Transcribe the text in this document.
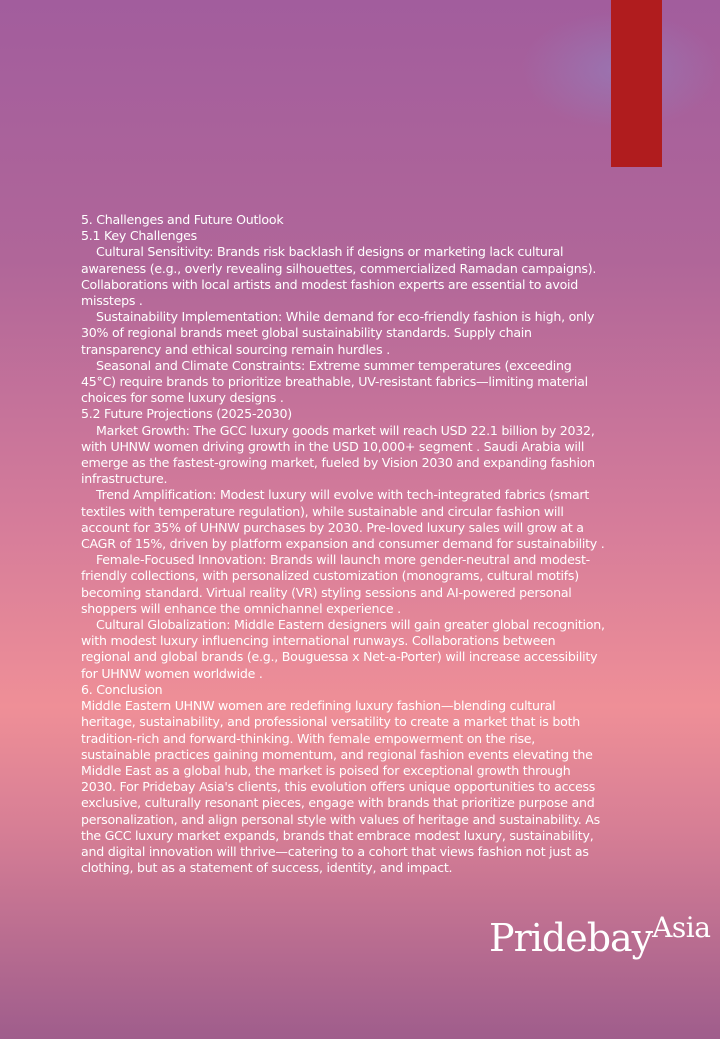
5. Challenges and Future Outlook

5.1 Key Challenges

Cultural Sensitivity: Brands risk backlash if designs or marketing lack cultural awareness (e.g., overly revealing silhouettes, commercialized Ramadan campaigns). Collaborations with local artists and modest fashion experts are essential to avoid missteps .

Sustainability Implementation: While demand for eco-friendly fashion is high, only 30% of regional brands meet global sustainability standards. Supply chain transparency and ethical sourcing remain hurdles .

Seasonal and Climate Constraints: Extreme summer temperatures (exceeding 45°C) require brands to prioritize breathable, UV-resistant fabrics—limiting material choices for some luxury designs .

5.2 Future Projections (2025-2030)

Market Growth: The GCC luxury goods market will reach USD 22.1 billion by 2032, with UHNW women driving growth in the USD 10,000+ segment . Saudi Arabia will emerge as the fastest-growing market, fueled by Vision 2030 and expanding fashion infrastructure.

Trend Amplification: Modest luxury will evolve with tech-integrated fabrics (smart textiles with temperature regulation), while sustainable and circular fashion will account for 35% of UHNW purchases by 2030. Pre-loved luxury sales will grow at a CAGR of 15%, driven by platform expansion and consumer demand for sustainability .

Female-Focused Innovation: Brands will launch more gender-neutral and modest-friendly collections, with personalized customization (monograms, cultural motifs) becoming standard. Virtual reality (VR) styling sessions and AI-powered personal shoppers will enhance the omnichannel experience .

Cultural Globalization: Middle Eastern designers will gain greater global recognition, with modest luxury influencing international runways. Collaborations between regional and global brands (e.g., Bouguessa x Net-a-Porter) will increase accessibility for UHNW women worldwide .

6. Conclusion

Middle Eastern UHNW women are redefining luxury fashion—blending cultural heritage, sustainability, and professional versatility to create a market that is both tradition-rich and forward-thinking. With female empowerment on the rise, sustainable practices gaining momentum, and regional fashion events elevating the Middle East as a global hub, the market is poised for exceptional growth through 2030. For Pridebay Asia's clients, this evolution offers unique opportunities to access exclusive, culturally resonant pieces, engage with brands that prioritize purpose and personalization, and align personal style with values of heritage and sustainability. As the GCC luxury market expands, brands that embrace modest luxury, sustainability, and digital innovation will thrive—catering to a cohort that views fashion not just as clothing, but as a statement of success, identity, and impact.

PridebayAsia
